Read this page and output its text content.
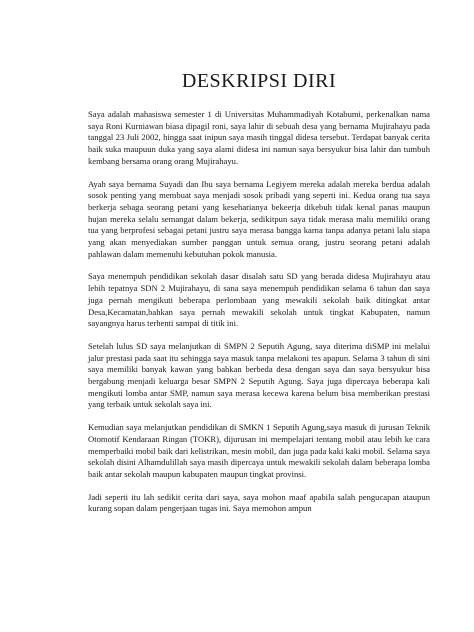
DESKRIPSI DIRI

Saya adalah mahasiswa semester 1 di Universitas Muhammadiyah Kotabumi, perkenalkan nama saya Roni Kurniawan biasa dipagil roni, saya lahir di sebuah desa yang bernama Mujirahayu pada tanggal 23 Juli 2002, hingga saat inipun saya masih tinggal didesa tersebut. Terdapat banyak cerita baik suka maupuun duka yang saya alami didesa ini namun saya bersyukur bisa lahir dan tumbuh kembang bersama orang orang Mujirahayu.

Ayah saya bernama Suyadi dan Ibu saya bernama Legiyem mereka adalah mereka berdua adalah sosok penting yang membuat saya menjadi sosok pribadi yang seperti ini. Kedua orang tua saya berkerja sebaga seorang petani yang keseharianya bekeerja dikebuh tidak kenal panas maupun hujan mereka selalu semangat dalam bekerja, sedikitpun saya tidak merasa malu memiliki orang tua yang berprofesi sebagai petani justru saya merasa bangga karna tanpa adanya petani lalu siapa yang akan menyediakan sumber panggan untuk semua orang, justru seorang petani adalah pahlawan dalam memenuhi kebutuhan pokok manusia.

Saya menempuh pendidikan sekolah dasar disalah satu SD yang berada didesa Mujirahayu atau lebih tepatnya SDN 2 Mujirahayu, di sana saya menempuh pendidikan selama 6 tahun dan saya juga pernah mengikuti beberapa perlombaan yang mewakili sekolah baik ditingkat antar Desa,Kecamatan,bahkan saya pernah mewakili sekolah untuk tingkat Kabupaten, namun sayangnya harus terhenti sampai di titik ini.

Setelah lulus SD saya melanjutkan di SMPN 2 Seputih Agung, saya diterima diSMP ini melalui jalur prestasi pada saat itu sehingga saya masuk tanpa melakoni tes apapun. Selama 3 tahun di sini saya memiliki banyak kawan yang bahkan berbeda desa dengan saya dan saya bersyukur bisa bergabung menjadi keluarga besar SMPN 2 Seputih Agung. Saya juga dipercaya beberapa kali mengikuti lomba antar SMP, namun saya merasa kecewa karena belum bisa memberikan prestasi yang terbaik untuk sekolah saya ini.

Kemudian saya melanjutkan pendidikan di SMKN 1 Seputih Agung,saya masuk di jurusan Teknik Otomotif Kendaraan Ringan (TOKR), dijurusan ini mempelajari tentang mobil atau lebih ke cara memperbaiki mobil baik dari kelistrikan, mesin mobil, dan juga pada kaki kaki mobil. Selama saya sekolah disini Alhamdulillah saya masih dipercaya untuk mewakili sekolah dalam beberapa lomba baik antar sekolah maupun kabupaten maupun tingkat provinsi.

Jadi seperti itu lah sedikit cerita dari saya, saya mohon maaf apabila salah pengucapan ataupun kurang sopan dalam pengerjaan tugas ini. Saya memohon ampun
